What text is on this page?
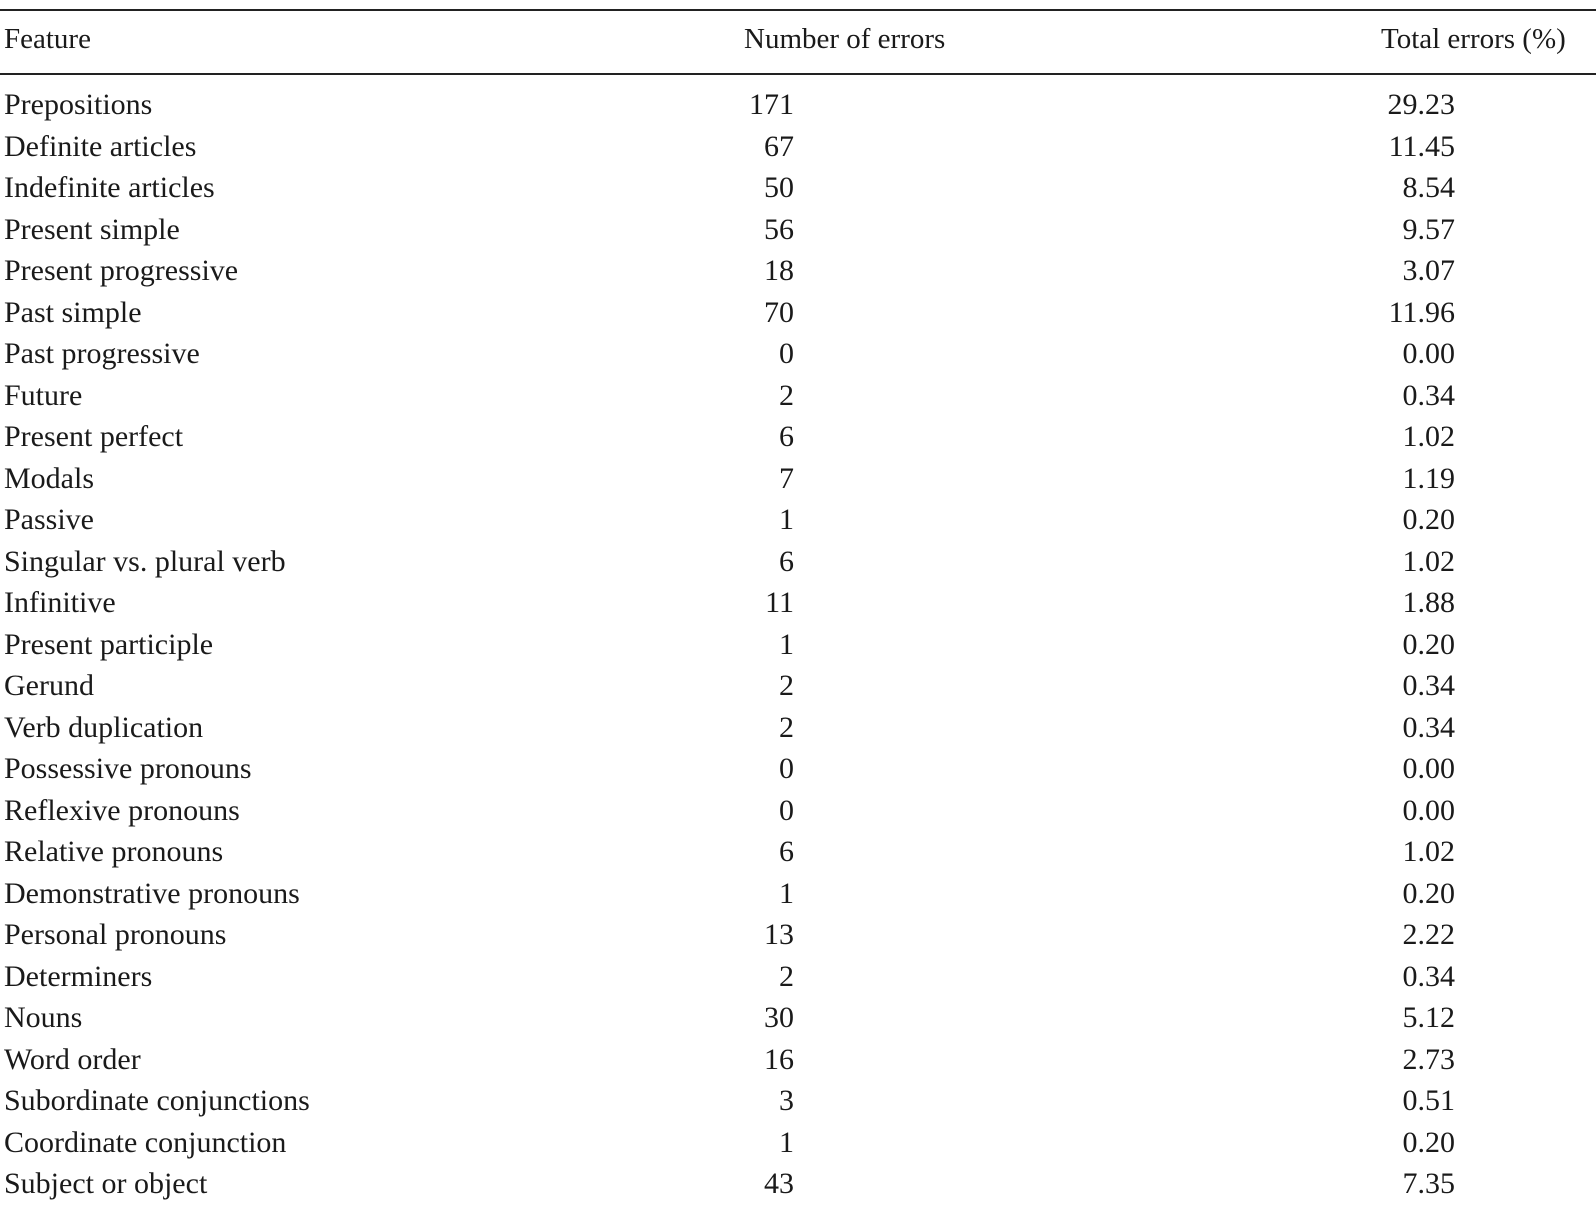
Feature	Number of errors	Total errors (%)
Prepositions	171	29.23
Definite articles	67	11.45
Indefinite articles	50	8.54
Present simple	56	9.57
Present progressive	18	3.07
Past simple	70	11.96
Past progressive	0	0.00
Future	2	0.34
Present perfect	6	1.02
Modals	7	1.19
Passive	1	0.20
Singular vs. plural verb	6	1.02
Infinitive	11	1.88
Present participle	1	0.20
Gerund	2	0.34
Verb duplication	2	0.34
Possessive pronouns	0	0.00
Reflexive pronouns	0	0.00
Relative pronouns	6	1.02
Demonstrative pronouns	1	0.20
Personal pronouns	13	2.22
Determiners	2	0.34
Nouns	30	5.12
Word order	16	2.73
Subordinate conjunctions	3	0.51
Coordinate conjunction	1	0.20
Subject or object	43	7.35
